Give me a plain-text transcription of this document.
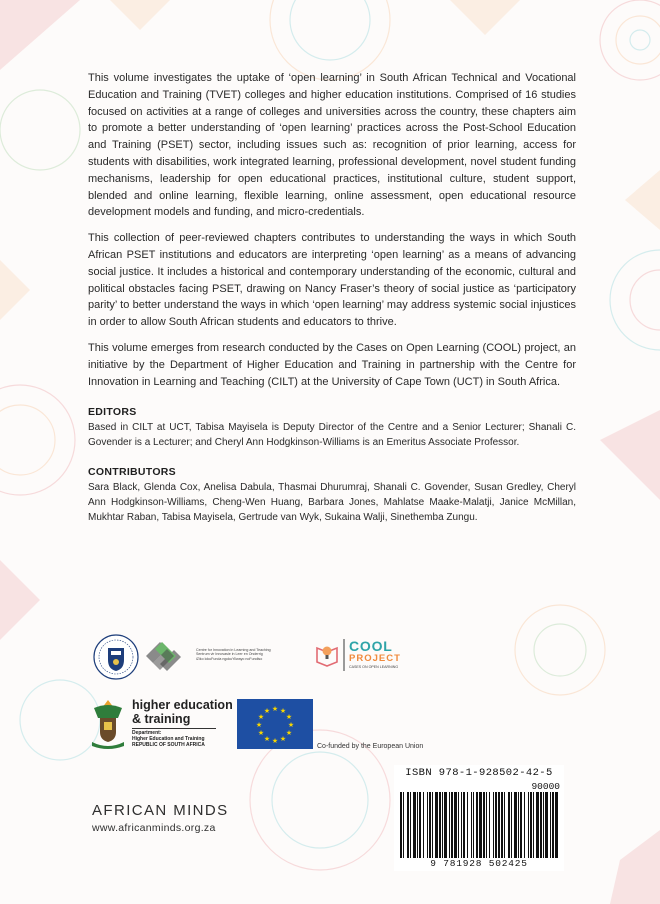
This volume investigates the uptake of ‘open learning’ in South African Technical and Vocational Education and Training (TVET) colleges and higher education institutions. Comprised of 16 studies focused on activities at a range of colleges and universities across the country, these chapters aim to promote a better understanding of ‘open learning’ practices across the Post-School Education and Training (PSET) sector, including issues such as: recognition of prior learning, access for students with disabilities, work integrated learning, professional development, novel student funding mechanisms, leadership for open educational practices, institutional culture, student support, blended and online learning, flexible learning, online assessment, open educational resource development models and funding, and micro-credentials.

This collection of peer-reviewed chapters contributes to understanding the ways in which South African PSET institutions and educators are interpreting ‘open learning’ as a means of advancing social justice. It includes a historical and contemporary understanding of the economic, cultural and political obstacles facing PSET, drawing on Nancy Fraser’s theory of social justice as ‘participatory parity’ to better understand the ways in which ‘open learning’ may address systemic social injustices in order to allow South African students and educators to thrive.

This volume emerges from research conducted by the Cases on Open Learning (COOL) project, an initiative by the Department of Higher Education and Training in partnership with the Centre for Innovation in Learning and Teaching (CILT) at the University of Cape Town (UCT) in South Africa.

EDITORS

Based in CILT at UCT, Tabisa Mayisela is Deputy Director of the Centre and a Senior Lecturer; Shanali C. Govender is a Lecturer; and Cheryl Ann Hodgkinson-Williams is an Emeritus Associate Professor.

CONTRIBUTORS

Sara Black, Glenda Cox, Anelisa Dabula, Thasmai Dhurumraj, Shanali C. Govender, Susan Gredley, Cheryl Ann Hodgkinson-Williams, Cheng-Wen Huang, Barbara Jones, Mahlatse Maake-Malatji, Janice McMillan, Mukhtar Raban, Tabisa Mayisela, Gertrude van Wyk, Sukaina Walji, Sinethemba Zungu.

Centre for Innovation in Learning and Teaching
Sentrum vir Innovasie in Leer en Onderrig
iZiko lokuFunda ngokuYilwayo noFundiso
COOL
PROJECT
CASES ON OPEN LEARNING
higher education
& training
Department:
Higher Education and Training
REPUBLIC OF SOUTH AFRICA
★ ★
★
★
★
★
★
★
★
★
★
★
Co-funded by the European Union
ISBN 978-1-928502-42-5
90000
9 781928 502425
AFRICAN MINDS
www.africanminds.org.za
